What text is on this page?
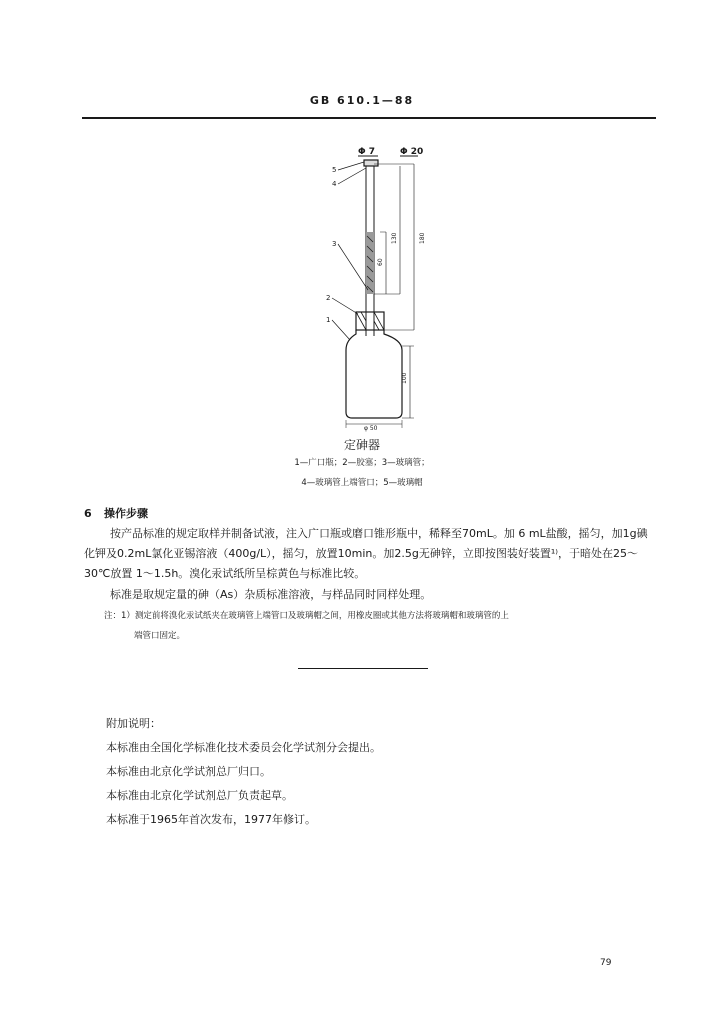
GB 610.1—88
Φ 7	Φ 20
5
4
3
2
1
60
130	180
100
φ 50
定砷器
1—广口瓶；2—胶塞；3—玻璃管；
4—玻璃管上端管口；5—玻璃帽
6 操作步骤
按产品标准的规定取样并制备试液，注入广口瓶或磨口锥形瓶中，稀释至70mL。加 6 mL盐酸，摇匀，加1g碘化钾及0.2mL氯化亚锡溶液（400g/L），摇匀，放置10min。加2.5g无砷锌，立即按图装好装置¹⁾，于暗处在25～30℃放置 1～1.5h。溴化汞试纸所呈棕黄色与标准比较。
标准是取规定量的砷（As）杂质标准溶液，与样品同时同样处理。
注：1）测定前将溴化汞试纸夹在玻璃管上端管口及玻璃帽之间，用橡皮圈或其他方法将玻璃帽和玻璃管的上
端管口固定。
附加说明：
本标准由全国化学标准化技术委员会化学试剂分会提出。
本标准由北京化学试剂总厂归口。
本标准由北京化学试剂总厂负责起草。
本标准于1965年首次发布，1977年修订。
79
